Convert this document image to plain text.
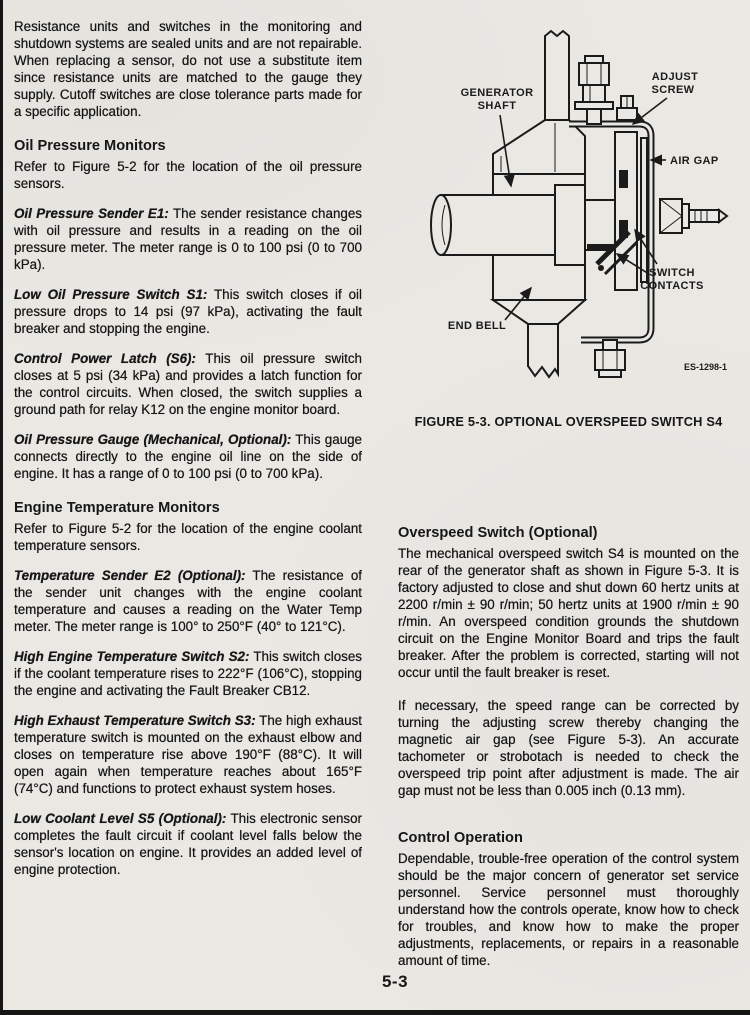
Resistance units and switches in the monitoring and shutdown systems are sealed units and are not repairable. When replacing a sensor, do not use a substitute item since resistance units are matched to the gauge they supply. Cutoff switches are close tolerance parts made for a specific application.

Oil Pressure Monitors

Refer to Figure 5-2 for the location of the oil pressure sensors.

Oil Pressure Sender E1: The sender resistance changes with oil pressure and results in a reading on the oil pressure meter. The meter range is 0 to 100 psi (0 to 700 kPa).

Low Oil Pressure Switch S1: This switch closes if oil pressure drops to 14 psi (97 kPa), activating the fault breaker and stopping the engine.

Control Power Latch (S6): This oil pressure switch closes at 5 psi (34 kPa) and provides a latch function for the control circuits. When closed, the switch supplies a ground path for relay K12 on the engine monitor board.

Oil Pressure Gauge (Mechanical, Optional): This gauge connects directly to the engine oil line on the side of engine. It has a range of 0 to 100 psi (0 to 700 kPa).

Engine Temperature Monitors

Refer to Figure 5-2 for the location of the engine coolant temperature sensors.

Temperature Sender E2 (Optional): The resistance of the sender unit changes with the engine coolant temperature and causes a reading on the Water Temp meter. The meter range is 100° to 250°F (40° to 121°C).

High Engine Temperature Switch S2: This switch closes if the coolant temperature rises to 222°F (106°C), stopping the engine and activating the Fault Breaker CB12.

High Exhaust Temperature Switch S3: The high exhaust temperature switch is mounted on the exhaust elbow and closes on temperature rise above 190°F (88°C). It will open again when temperature reaches about 165°F (74°C) and functions to protect exhaust system hoses.

Low Coolant Level S5 (Optional): This electronic sensor completes the fault circuit if coolant level falls below the sensor's location on engine. It provides an added level of engine protection.

GENERATOR
SHAFT
ADJUST
SCREW
AIR GAP
SWITCH
CONTACTS
END BELL
ES-1298-1
FIGURE 5-3. OPTIONAL OVERSPEED SWITCH S4
Overspeed Switch (Optional)

The mechanical overspeed switch S4 is mounted on the rear of the generator shaft as shown in Figure 5-3. It is factory adjusted to close and shut down 60 hertz units at 2200 r/min ± 90 r/min; 50 hertz units at 1900 r/min ± 90 r/min. An overspeed condition grounds the shutdown circuit on the Engine Monitor Board and trips the fault breaker. After the problem is corrected, starting will not occur until the fault breaker is reset.

If necessary, the speed range can be corrected by turning the adjusting screw thereby changing the magnetic air gap (see Figure 5-3). An accurate tachometer or strobotach is needed to check the overspeed trip point after adjustment is made. The air gap must not be less than 0.005 inch (0.13 mm).

Control Operation

Dependable, trouble-free operation of the control system should be the major concern of generator set service personnel. Service personnel must thoroughly understand how the controls operate, know how to check for troubles, and know how to make the proper adjustments, replacements, or repairs in a reasonable amount of time.

5-3
